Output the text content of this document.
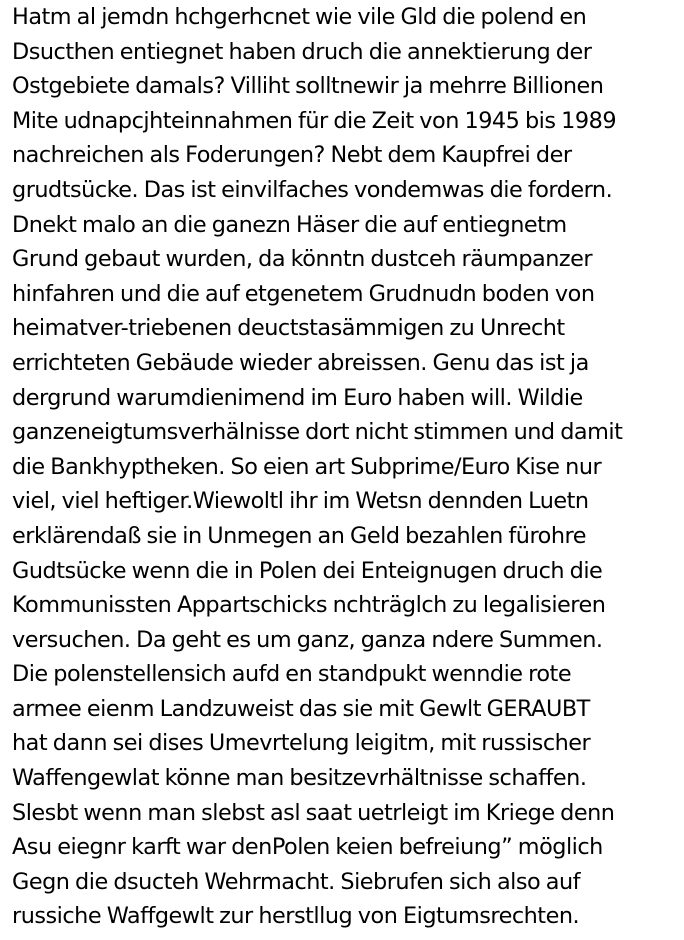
Hatm al jemdn hchgerhcnet wie vile Gld die polend en
Dsucthen entiegnet haben druch die annektierung der
Ostgebiete damals? Villiht solltnewir ja mehrre Billionen
Mite udnapcjhteinnahmen für die Zeit von 1945 bis 1989
nachreichen als Foderungen? Nebt dem Kaupfrei der
grudtsücke. Das ist einvilfaches vondemwas die fordern.
Dnekt malo an die ganezn Häser die auf entiegnetm
Grund gebaut wurden, da könntn dustceh räumpanzer
hinfahren und die auf etgenetem Grudnudn boden von
heimatver-triebenen deuctstasämmigen zu Unrecht
errichteten Gebäude wieder abreissen. Genu das ist ja
dergrund warumdienimend im Euro haben will. Wildie
ganzeneigtumsverhälnisse dort nicht stimmen und damit
die Bankhyptheken. So eien art Subprime/Euro Kise nur
viel, viel heftiger.Wiewoltl ihr im Wetsn dennden Luetn
erklärendaß sie in Unmegen an Geld bezahlen fürohre
Gudtsücke wenn die in Polen dei Enteignugen druch die
Kommunissten Appartschicks nchträglch zu legalisieren
versuchen. Da geht es um ganz, ganza ndere Summen.
Die polenstellensich aufd en standpukt wenndie rote
armee eienm Landzuweist das sie mit Gewlt GERAUBT
hat dann sei dises Umevrtelung leigitm, mit russischer
Waffengewlat könne man besitzevrhältnisse schaffen.
Slesbt wenn man slebst asl saat uetrleigt im Kriege denn
Asu eiegnr karft war denPolen keien befreiung” möglich
Gegn die dsucteh Wehrmacht. Siebrufen sich also auf
russiche Waffgewlt zur herstllug von Eigtumsrechten.
